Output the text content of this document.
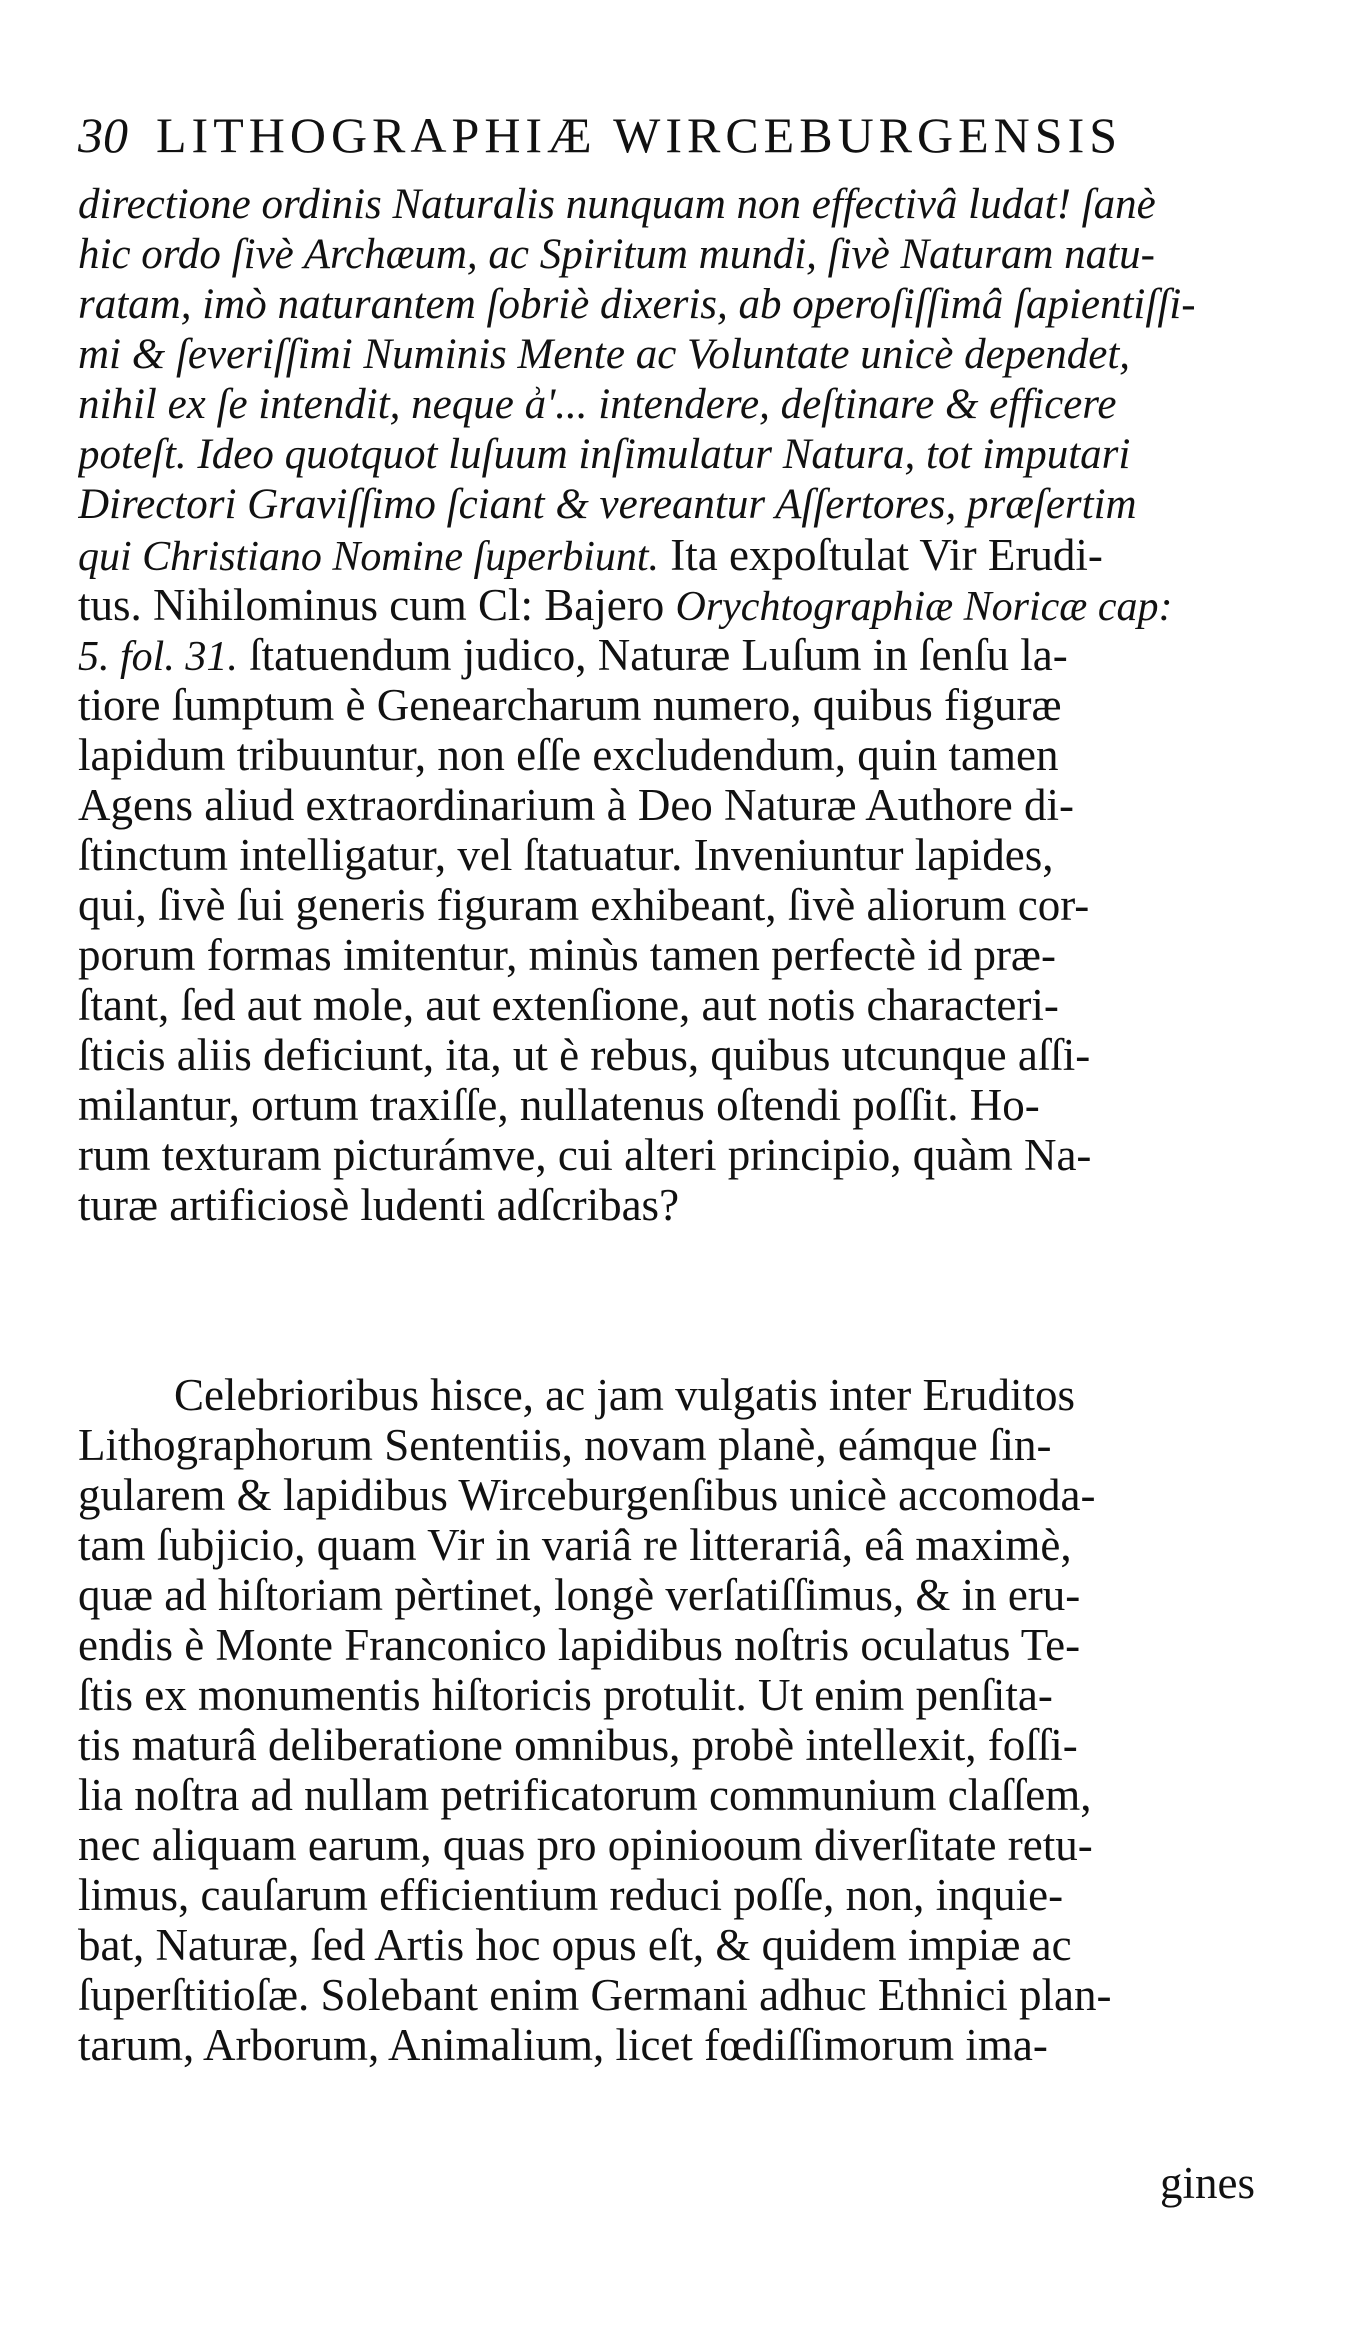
30 LITHOGRAPHIÆ WIRCEBURGENSIS
directione ordinis Naturalis nunquam non effectivâ ludat! ſanè
hic ordo ſivè Archæum, ac Spiritum mundi, ſivè Naturam natu-
ratam, imò naturantem ſobriè dixeris, ab operoſiſſimâ ſapientiſſi-
mi & ſeveriſſimi Numinis Mente ac Voluntate unicè dependet,
nihil ex ſe intendit, neque ẚ'... intendere, deſtinare & efficere
poteſt. Ideo quotquot luſuum inſimulatur Natura, tot imputari
Directori Graviſſimo ſciant & vereantur Aſſertores, præſertim
qui Christiano Nomine ſuperbiunt. Ita expoſtulat Vir Erudi-
tus. Nihilominus cum Cl: Bajero Orychtographiæ Noricæ cap:
5. fol. 31. ſtatuendum judico, Naturæ Luſum in ſenſu la-
tiore ſumptum è Genearcharum numero, quibus figuræ
lapidum tribuuntur, non eſſe excludendum, quin tamen
Agens aliud extraordinarium à Deo Naturæ Authore di-
ſtinctum intelligatur, vel ſtatuatur. Inveniuntur lapides,
qui, ſivè ſui generis figuram exhibeant, ſivè aliorum cor-
porum formas imitentur, minùs tamen perfectè id præ-
ſtant, ſed aut mole, aut extenſione, aut notis characteri-
ſticis aliis deficiunt, ita, ut è rebus, quibus utcunque aſſi-
milantur, ortum traxiſſe, nullatenus oſtendi poſſit. Ho-
rum texturam picturámve, cui alteri principio, quàm Na-
turæ artificiosè ludenti adſcribas?
Celebrioribus hisce, ac jam vulgatis inter Eruditos
Lithographorum Sententiis, novam planè, eámque ſin-
gularem & lapidibus Wirceburgenſibus unicè accomoda-
tam ſubjicio, quam Vir in variâ re litterariâ, eâ maximè,
quæ ad hiſtoriam pèrtinet, longè verſatiſſimus, & in eru-
endis è Monte Franconico lapidibus noſtris oculatus Te-
ſtis ex monumentis hiſtoricis protulit. Ut enim penſita-
tis maturâ deliberatione omnibus, probè intellexit, foſſi-
lia noſtra ad nullam petrificatorum communium claſſem,
nec aliquam earum, quas pro opinioοum diverſitate retu-
limus, cauſarum efficientium reduci poſſe, non, inquie-
bat, Naturæ, ſed Artis hoc opus eſt, & quidem impiæ ac
ſuperſtitioſæ. Solebant enim Germani adhuc Ethnici plan-
tarum, Arborum, Animalium, licet fœdiſſimorum ima-
gines
